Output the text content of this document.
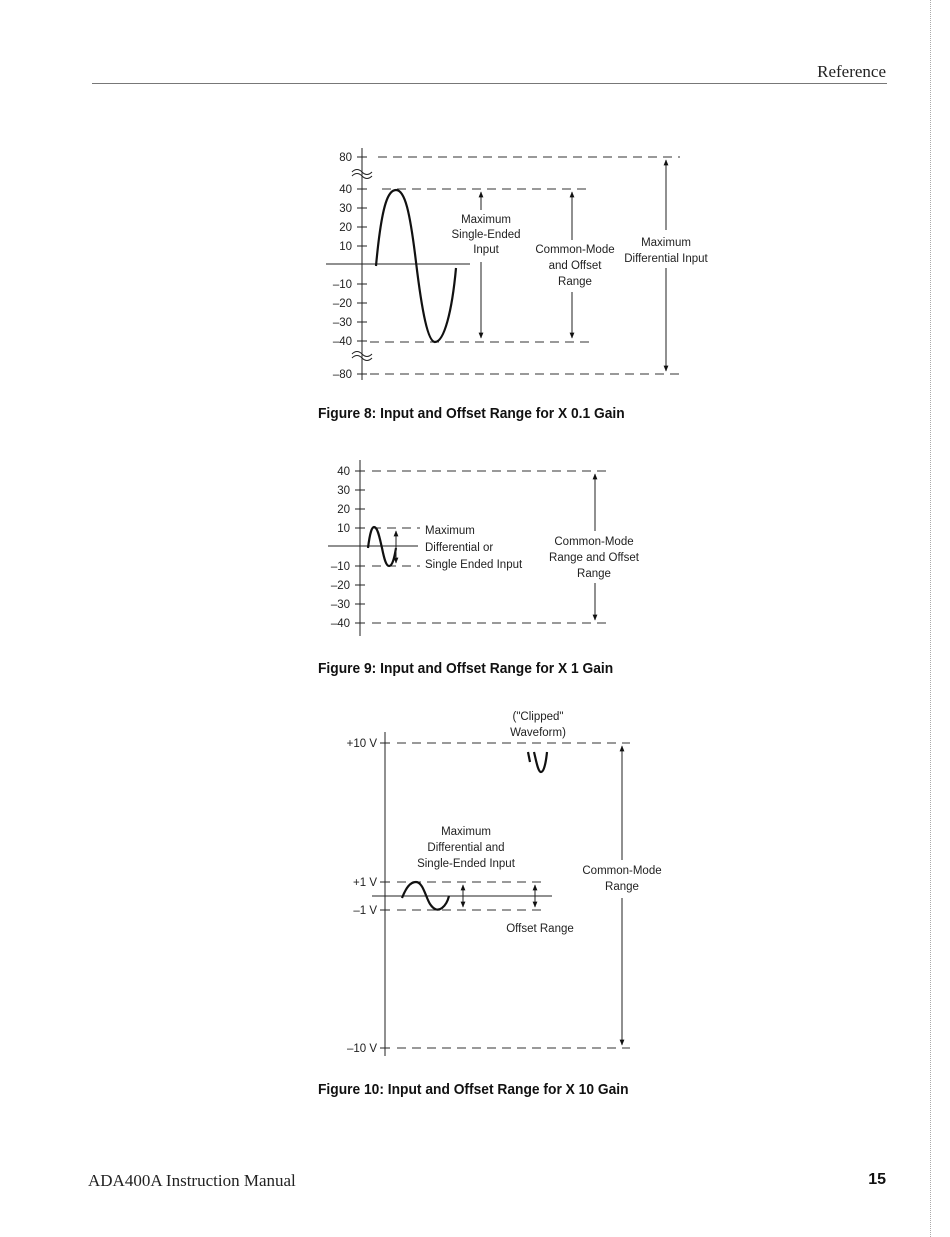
Reference
80
40
30
20
10
–10
–20
–30
–40
–80
Maximum
Single-Ended
Input	Common-Mode
and Offset
Range
Maximum
Differential Input
40
30
20
10
–10
–20
–30
–40
Maximum
Differential or
Single Ended Input
Common-Mode
Range and Offset
Range
+10 V
+1 V
–1 V
–10 V
("Clipped"
Waveform)
Maximum
Differential and
Single-Ended Input
Common-Mode
Range
Offset Range
Figure 8: Input and Offset Range for X 0.1 Gain
Figure 9: Input and Offset Range for X 1 Gain
Figure 10: Input and Offset Range for X 10 Gain
ADA400A Instruction Manual	15
